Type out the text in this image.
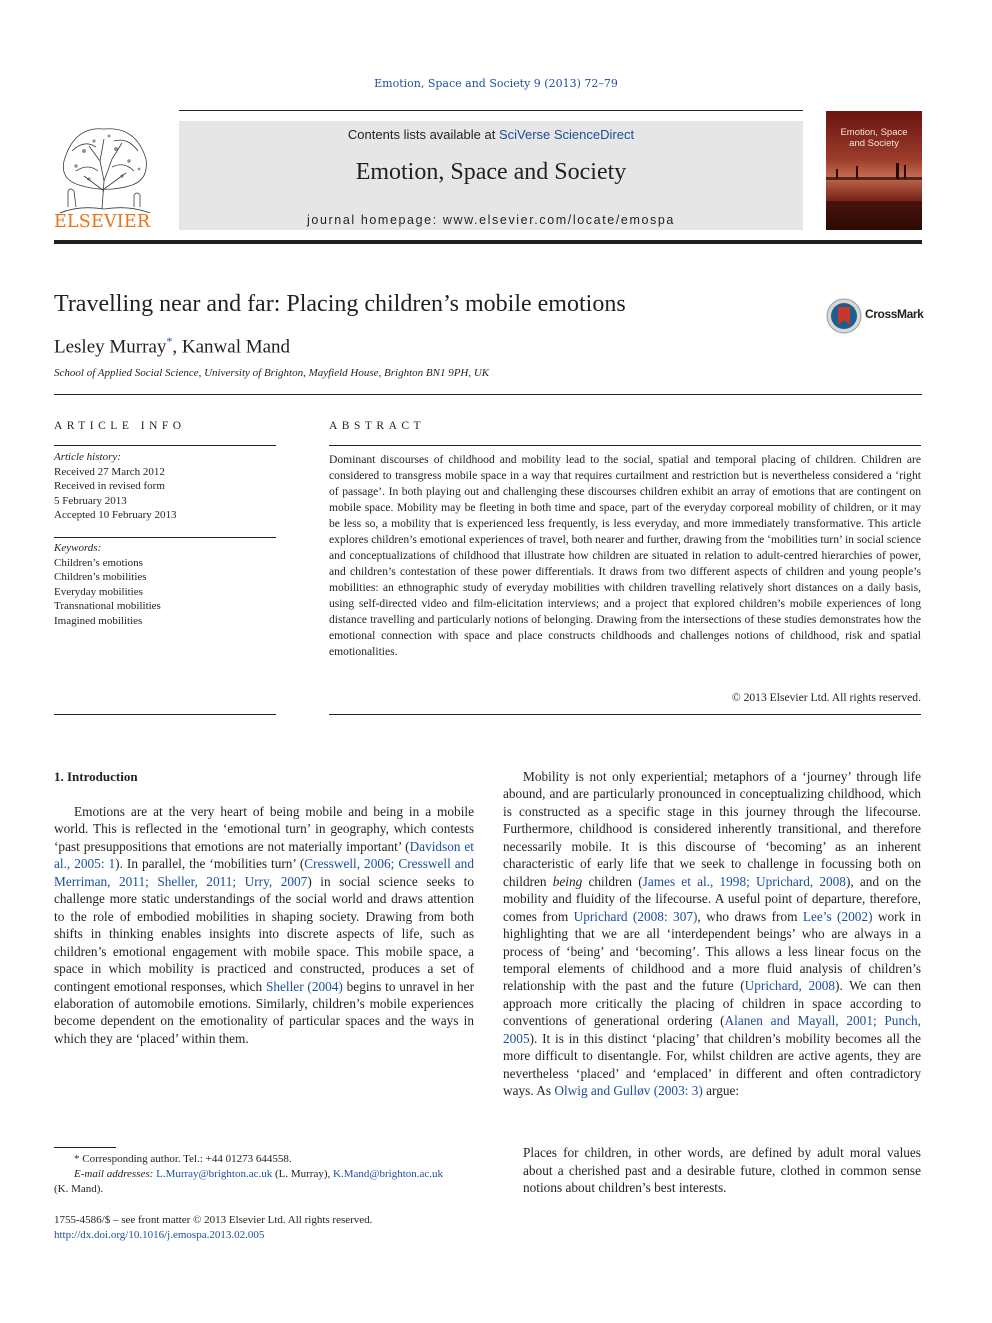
Emotion, Space and Society 9 (2013) 72–79
ELSEVIER
Contents lists available at SciVerse ScienceDirect
Emotion, Space and Society
journal homepage: www.elsevier.com/locate/emospa
Emotion, Space
and Society
Travelling near and far: Placing children’s mobile emotions	CrossMark
Lesley Murray*, Kanwal Mand
School of Applied Social Science, University of Brighton, Mayfield House, Brighton BN1 9PH, UK
ARTICLE INFO
Article history:
Received 27 March 2012
Received in revised form
5 February 2013
Accepted 10 February 2013
Keywords:
Children’s emotions
Children’s mobilities
Everyday mobilities
Transnational mobilities
Imagined mobilities
ABSTRACT

Dominant discourses of childhood and mobility lead to the social, spatial and temporal placing of children. Children are considered to transgress mobile space in a way that requires curtailment and restriction but is nevertheless considered a ‘right of passage’. In both playing out and challenging these discourses children exhibit an array of emotions that are contingent on mobile space. Mobility may be fleeting in both time and space, part of the everyday corporeal mobility of children, or it may be less so, a mobility that is experienced less frequently, is less everyday, and more immediately transformative. This article explores children’s emotional experiences of travel, both nearer and further, drawing from the ‘mobilities turn’ in social science and conceptualizations of childhood that illustrate how children are situated in relation to adult-centred hierarchies of power, and children’s contestation of these power differentials. It draws from two different aspects of children and young people’s mobilities: an ethnographic study of everyday mobilities with children travelling relatively short distances on a daily basis, using self-directed video and film-elicitation interviews; and a project that explored children’s mobile experiences of long distance travelling and particularly notions of belonging. Drawing from the intersections of these studies demonstrates how the emotional connection with space and place constructs childhoods and challenges notions of childhood, risk and spatial emotionalities.

© 2013 Elsevier Ltd. All rights reserved.
1. Introduction

Emotions are at the very heart of being mobile and being in a mobile world. This is reflected in the ‘emotional turn’ in geography, which contests ‘past presuppositions that emotions are not materially important’ (Davidson et al., 2005: 1). In parallel, the ‘mobilities turn’ (Cresswell, 2006; Cresswell and Merriman, 2011; Sheller, 2011; Urry, 2007) in social science seeks to challenge more static understandings of the social world and draws attention to the role of embodied mobilities in shaping society. Drawing from both shifts in thinking enables insights into discrete aspects of life, such as children’s emotional engagement with mobile space. This mobile space, a space in which mobility is practiced and constructed, produces a set of contingent emotional responses, which Sheller (2004) begins to unravel in her elaboration of automobile emotions. Similarly, children’s mobile experiences become dependent on the emotionality of particular spaces and the ways in which they are ‘placed’ within them.

Mobility is not only experiential; metaphors of a ‘journey’ through life abound, and are particularly pronounced in conceptualizing childhood, which is constructed as a specific stage in this journey through the lifecourse. Furthermore, childhood is considered inherently transitional, and therefore necessarily mobile. It is this discourse of ‘becoming’ as an inherent characteristic of early life that we seek to challenge in focussing both on children being children (James et al., 1998; Uprichard, 2008), and on the mobility and fluidity of the lifecourse. A useful point of departure, therefore, comes from Uprichard (2008: 307), who draws from Lee’s (2002) work in highlighting that we are all ‘interdependent beings’ who are always in a process of ‘being’ and ‘becoming’. This allows a less linear focus on the temporal elements of childhood and a more fluid analysis of children’s relationship with the past and the future (Uprichard, 2008). We can then approach more critically the placing of children in space according to conventions of generational ordering (Alanen and Mayall, 2001; Punch, 2005). It is in this distinct ‘placing’ that children’s mobility becomes all the more difficult to disentangle. For, whilst children are active agents, they are nevertheless ‘placed’ and ‘emplaced’ in different and often contradictory ways. As Olwig and Gulløv (2003: 3) argue:

Places for children, in other words, are defined by adult moral values about a cherished past and a desirable future, clothed in common sense notions about children’s best interests.
* Corresponding author. Tel.: +44 01273 644558.
E-mail addresses: L.Murray@brighton.ac.uk (L. Murray), K.Mand@brighton.ac.uk
(K. Mand).
1755-4586/$ – see front matter © 2013 Elsevier Ltd. All rights reserved.
http://dx.doi.org/10.1016/j.emospa.2013.02.005
